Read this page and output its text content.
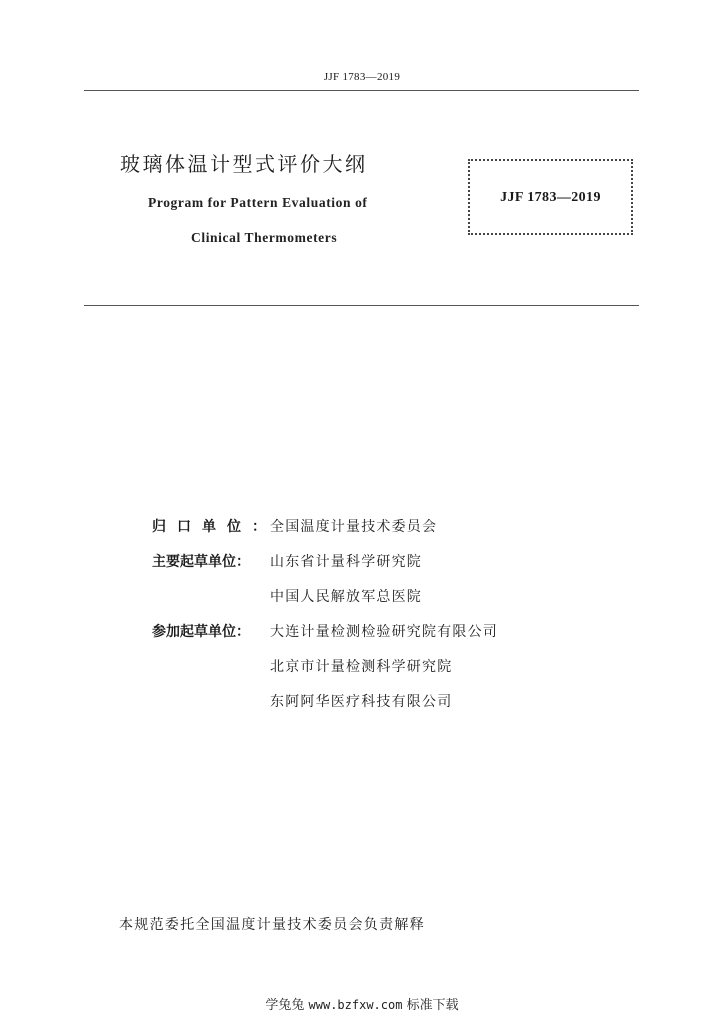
JJF 1783—2019
玻璃体温计型式评价大纲
Program for Pattern Evaluation of
Clinical Thermometers
JJF 1783—2019
归口单位：
全国温度计量技术委员会
主要起草单位：	山东省计量科学研究院
中国人民解放军总医院
参加起草单位：	大连计量检测检验研究院有限公司
北京市计量检测科学研究院
东阿阿华医疗科技有限公司
本规范委托全国温度计量技术委员会负责解释
学兔兔 www.bzfxw.com 标准下载
